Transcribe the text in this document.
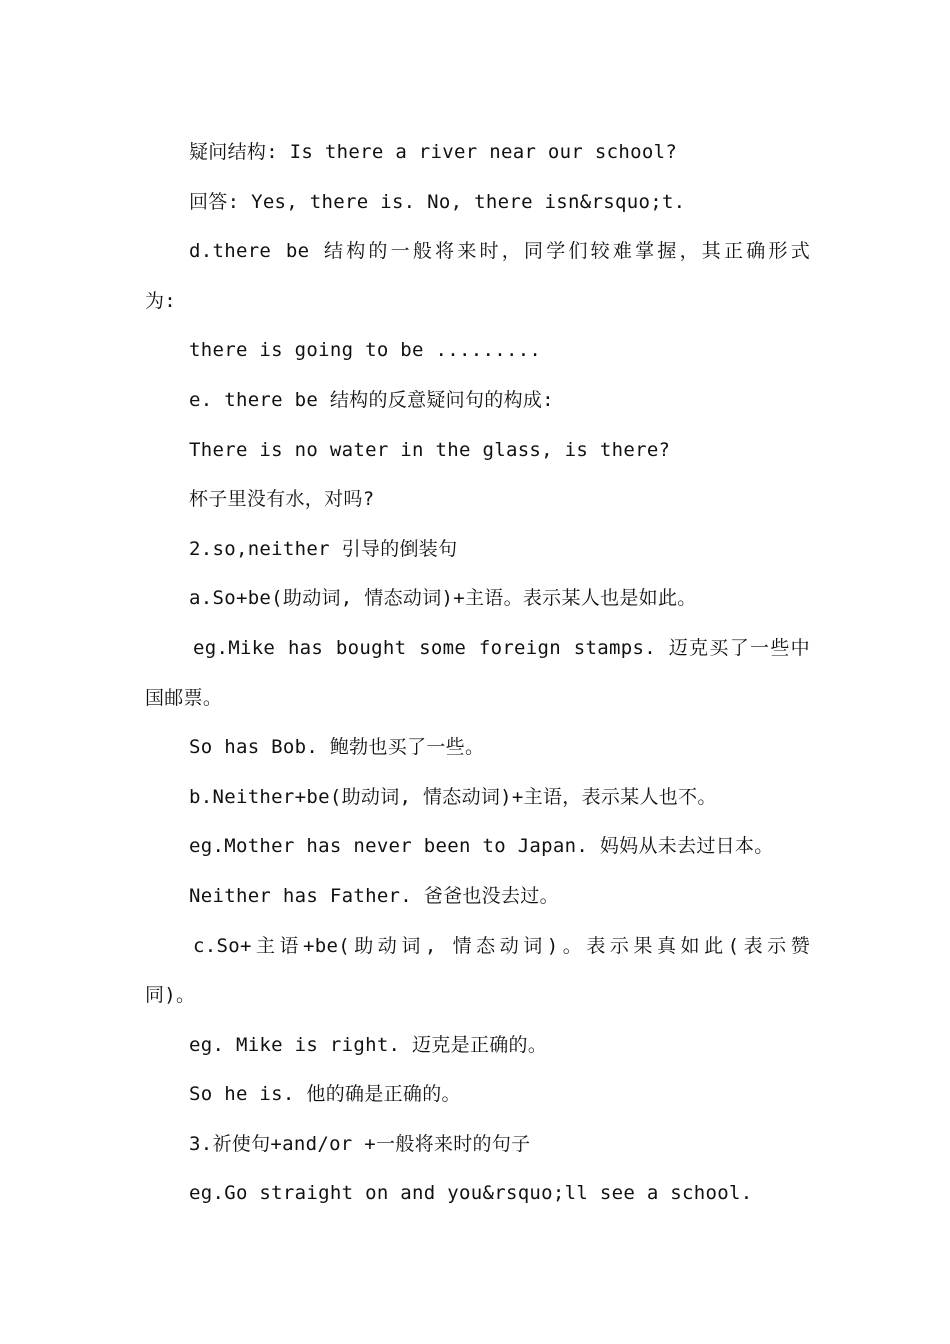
疑问结构: Is there a river near our school?
回答: Yes, there is. No, there isn&rsquo;t.
d.there be 结构的一般将来时，同学们较难掌握，其正确形式
为:
there is going to be .........
e. there be 结构的反意疑问句的构成:
There is no water in the glass, is there?
杯子里没有水，对吗?
2.so,neither 引导的倒装句
a.So+be(助动词, 情态动词)+主语。表示某人也是如此。
eg.Mike has bought some foreign stamps. 迈克买了一些中
国邮票。
So has Bob. 鲍勃也买了一些。
b.Neither+be(助动词, 情态动词)+主语，表示某人也不。
eg.Mother has never been to Japan. 妈妈从未去过日本。
Neither has Father. 爸爸也没去过。
c.So+主语+be(助动词, 情态动词)。表示果真如此(表示赞
同)。
eg. Mike is right. 迈克是正确的。
So he is. 他的确是正确的。
3.祈使句+and/or +一般将来时的句子
eg.Go straight on and you&rsquo;ll see a school.
